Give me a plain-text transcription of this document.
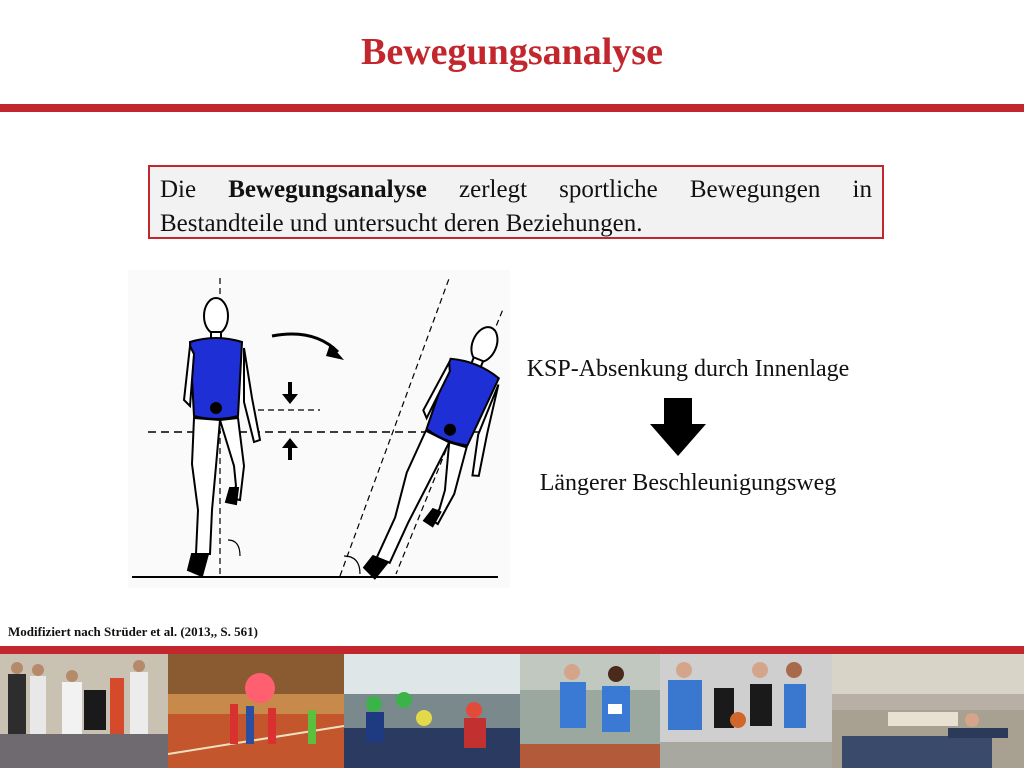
Bewegungsanalyse
Die Bewegungsanalyse zerlegt sportliche Bewegungen in Bestandteile und untersucht deren Beziehungen.
KSP-Absenkung durch Innenlage
Längerer Beschleunigungsweg
Modifiziert nach Strüder et al. (2013,, S. 561)
